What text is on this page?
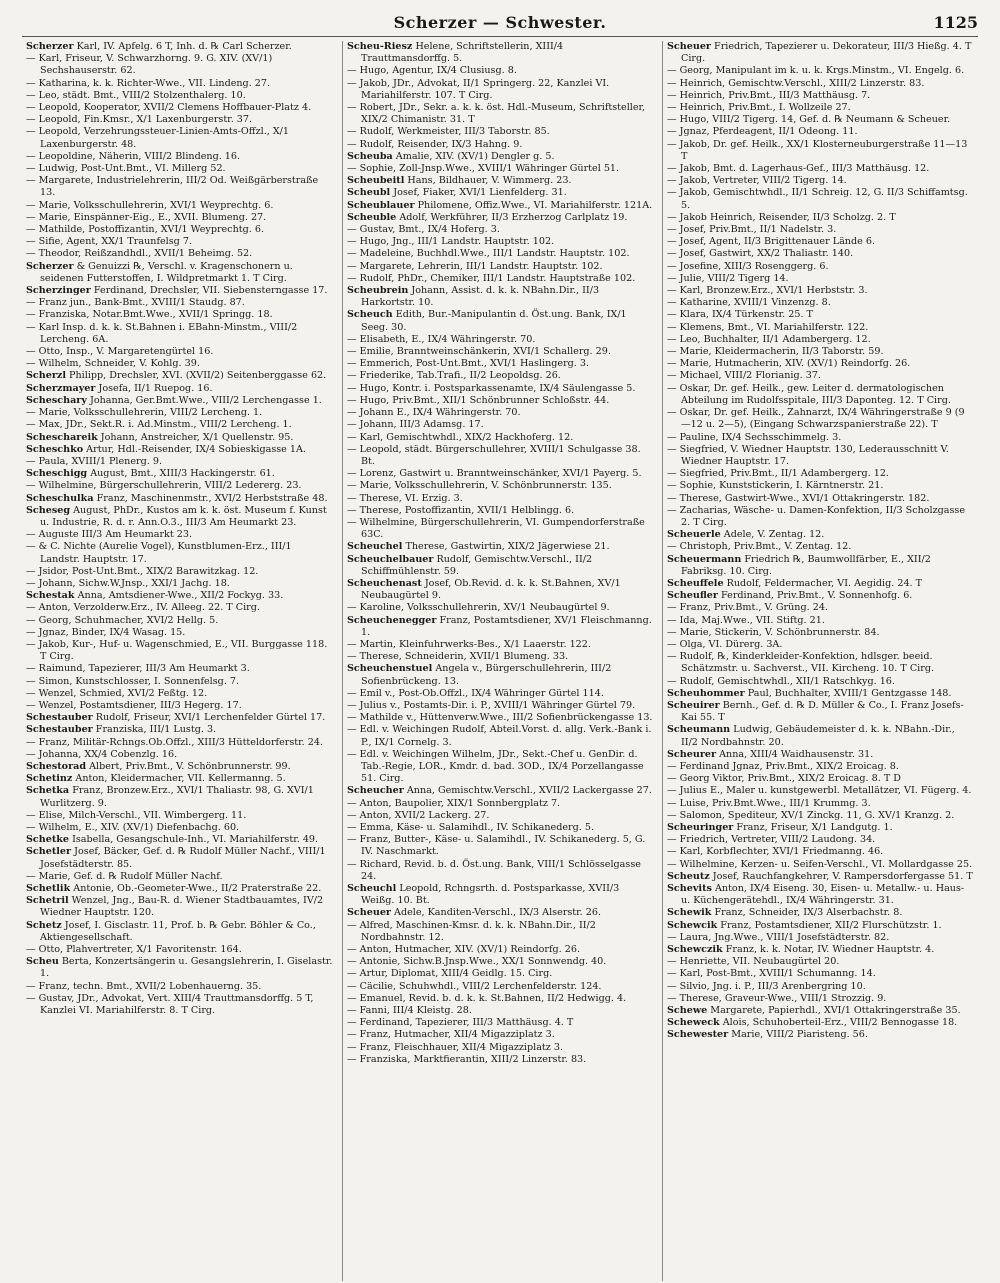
Scherzer — Schwester.	1125

Scherzer Karl, IV. Apfelg. 6 T, Inh. d. ℞ Carl Scherzer.

— Karl, Friseur, V. Schwarzhorng. 9. G. XIV. (XV/1) Sechshauserstr. 62.

— Katharina, k. k. Richter-Wwe., VII. Lindeng. 27.

— Leo, städt. Bmt., VIII/2 Stolzenthalerg. 10.

— Leopold, Kooperator, XVII/2 Clemens Hoffbauer-Platz 4.

— Leopold, Fin.Kmsr., X/1 Laxenburgerstr. 37.

— Leopold, Verzehrungssteuer-Linien-Amts-Offzl., X/1 Laxenburgerstr. 48.

— Leopoldine, Näherin, VIII/2 Blindeng. 16.

— Ludwig, Post-Unt.Bmt., VI. Millerg 52.

— Margarete, Industrielehrerin, III/2 Od. Weißgärberstraße 13.

— Marie, Volksschullehrerin, XVI/1 Weyprechtg. 6.

— Marie, Einspänner-Eig., E., XVII. Blumeng. 27.

— Mathilde, Postoffizantin, XVI/1 Weyprechtg. 6.

— Sifie, Agent, XX/1 Traunfelsg 7.

— Theodor, Reißzandhdl., XVII/1 Beheimg. 52.

Scherzer & Genuizzi ℞, Verschl. v. Kragenschonern u. seidenen Futterstoffen, I. Wildpretmarkt 1. T Cirg.

Scherzinger Ferdinand, Drechsler, VII. Siebensterngasse 17.

— Franz jun., Bank-Bmt., XVIII/1 Staudg. 87.

— Franziska, Notar.Bmt.Wwe., XVII/1 Springg. 18.

— Karl Insp. d. k. k. St.Bahnen i. EBahn-Minstm., VIII/2 Lercheng. 6A.

— Otto, Insp., V. Margaretengürtel 16.

— Wilhelm, Schneider, V. Kohlg. 39.

Scherzl Philipp, Drechsler, XVI. (XVII/2) Seitenberggasse 62.

Scherzmayer Josefa, II/1 Ruepog. 16.

Scheschary Johanna, Ger.Bmt.Wwe., VIII/2 Lerchengasse 1.

— Marie, Volksschullehrerin, VIII/2 Lercheng. 1.

— Max, JDr., Sekt.R. i. Ad.Minstm., VIII/2 Lercheng. 1.

Scheschareik Johann, Anstreicher, X/1 Quellenstr. 95.

Scheschko Artur, Hdl.-Reisender, IX/4 Sobieskigasse 1A.

— Paula, XVIII/1 Plenerg. 9.

Scheschigg August, Bmt., XIII/3 Hackingerstr. 61.

— Wilhelmine, Bürgerschullehrerin, VIII/2 Ledererg. 23.

Scheschulka Franz, Maschinenmstr., XVI/2 Herbststraße 48.

Scheseg August, PhDr., Kustos am k. k. öst. Museum f. Kunst u. Industrie, R. d. r. Ann.O.3., III/3 Am Heumarkt 23.

— Auguste III/3 Am Heumarkt 23.

— & C. Nichte (Aurelie Vogel), Kunstblumen-Erz., III/1 Landstr. Hauptstr. 17.

— Jsidor, Post-Unt.Bmt., XIX/2 Barawitzkag. 12.

— Johann, Sichw.W.Jnsp., XXI/1 Jachg. 18.

Schestak Anna, Amtsdiener-Wwe., XII/2 Fockyg. 33.

— Anton, Verzolderw.Erz., IV. Alleeg. 22. T Cirg.

— Georg, Schuhmacher, XVI/2 Hellg. 5.

— Jgnaz, Binder, IX/4 Wasag. 15.

— Jakob, Kur-, Huf- u. Wagenschmied, E., VII. Burggasse 118. T Cirg.

— Raimund, Tapezierer, III/3 Am Heumarkt 3.

— Simon, Kunstschlosser, I. Sonnenfelsg. 7.

— Wenzel, Schmied, XVI/2 Feßtg. 12.

— Wenzel, Postamtsdiener, III/3 Hegerg. 17.

Schestauber Rudolf, Friseur, XVI/1 Lerchenfelder Gürtel 17.

Schestauber Franziska, III/1 Lustg. 3.

— Franz, Militär-Rchngs.Ob.Offzl., XIII/3 Hütteldorferstr. 24.

— Johanna, XX/4 Cobenzlg. 16.

Schestorad Albert, Priv.Bmt., V. Schönbrunnerstr. 99.

Schetinz Anton, Kleidermacher, VII. Kellermanng. 5.

Schetka Franz, Bronzew.Erz., XVI/1 Thaliastr. 98, G. XVI/1 Wurlitzerg. 9.

— Elise, Milch-Verschl., VII. Wimbergerg. 11.

— Wilhelm, E., XIV. (XV/1) Diefenbachg. 60.

Schetke Isabella, Gesangschule-Inh., VI. Mariahilferstr. 49.

Schetler Josef, Bäcker, Gef. d. ℞ Rudolf Müller Nachf., VIII/1 Josefstädterstr. 85.

— Marie, Gef. d. ℞ Rudolf Müller Nachf.

Schetlik Antonie, Ob.-Geometer-Wwe., II/2 Praterstraße 22.

Schetril Wenzel, Jng., Bau-R. d. Wiener Stadtbauamtes, IV/2 Wiedner Hauptstr. 120.

Schetz Josef, I. Gisclastr. 11, Prof. b. ℞ Gebr. Böhler & Co., Aktiengesellschaft.

— Otto, Plahvertreter, X/1 Favoritenstr. 164.

Scheu Berta, Konzertsängerin u. Gesangslehrerin, I. Giselastr. 1.

— Franz, techn. Bmt., XVII/2 Lobenhauerng. 35.

— Gustav, JDr., Advokat, Vert. XIII/4 Trauttmansdorffg. 5 T, Kanzlei VI. Mariahilferstr. 8. T Cirg.

Scheu-Riesz Helene, Schriftstellerin, XIII/4 Trauttmansdorffg. 5.

— Hugo, Agentur, IX/4 Clusiusg. 8.

— Jakob, JDr., Advokat, II/1 Springerg. 22, Kanzlei VI. Mariahilferstr. 107. T Cirg.

— Robert, JDr., Sekr. a. k. k. öst. Hdl.-Museum, Schriftsteller, XIX/2 Chimanistr. 31. T

— Rudolf, Werkmeister, III/3 Taborstr. 85.

— Rudolf, Reisender, IX/3 Hahng. 9.

Scheuba Amalie, XIV. (XV/1) Dengler g. 5.

— Sophie, Zoll-Jnsp.Wwe., XVIII/1 Währinger Gürtel 51.

Scheubeitl Hans, Bildhauer, V. Wimmerg. 23.

Scheubl Josef, Fiaker, XVI/1 Lienfelderg. 31.

Scheublauer Philomene, Offiz.Wwe., VI. Mariahilferstr. 121A.

Scheuble Adolf, Werkführer, II/3 Erzherzog Carlplatz 19.

— Gustav, Bmt., IX/4 Hoferg. 3.

— Hugo, Jng., III/1 Landstr. Hauptstr. 102.

— Madeleine, Buchhdl.Wwe., III/1 Landstr. Hauptstr. 102.

— Margarete, Lehrerin, III/1 Landstr. Hauptstr. 102.

— Rudolf, PhDr., Chemiker, III/1 Landstr. Hauptstraße 102.

Scheubrein Johann, Assist. d. k. k. NBahn.Dir., II/3 Harkortstr. 10.

Scheuch Edith, Bur.-Manipulantin d. Öst.ung. Bank, IX/1 Seeg. 30.

— Elisabeth, E., IX/4 Währingerstr. 70.

— Emilie, Branntweinschänkerin, XVI/1 Schallerg. 29.

— Emmerich, Post-Unt.Bmt., XVI/1 Haslingerg. 3.

— Friederike, Tab.Trafi., II/2 Leopoldsg. 26.

— Hugo, Kontr. i. Postsparkassenamte, IX/4 Säulengasse 5.

— Hugo, Priv.Bmt., XII/1 Schönbrunner Schloßstr. 44.

— Johann E., IX/4 Währingerstr. 70.

— Johann, III/3 Adamsg. 17.

— Karl, Gemischtwhdl., XIX/2 Hackhoferg. 12.

— Leopold, städt. Bürgerschullehrer, XVIII/1 Schulgasse 38. Bt.

— Lorenz, Gastwirt u. Branntweinschänker, XVI/1 Payerg. 5.

— Marie, Volksschullehrerin, V. Schönbrunnerstr. 135.

— Therese, VI. Erzig. 3.

— Therese, Postoffizantin, XVII/1 Helblingg. 6.

— Wilhelmine, Bürgerschullehrerin, VI. Gumpendorferstraße 63C.

Scheuchel Therese, Gastwirtin, XIX/2 Jägerwiese 21.

Scheuchelbauer Rudolf, Gemischtw.Verschl., II/2 Schiffmühlenstr. 59.

Scheuchenast Josef, Ob.Revid. d. k. k. St.Bahnen, XV/1 Neubaugürtel 9.

— Karoline, Volksschullehrerin, XV/1 Neubaugürtel 9.

Scheuchenegger Franz, Postamtsdiener, XV/1 Fleischmanng. 1.

— Martin, Kleinfuhrwerks-Bes., X/1 Laaerstr. 122.

— Therese, Schneiderin, XVII/1 Blumeng. 33.

Scheuchenstuel Angela v., Bürgerschullehrerin, III/2 Sofienbrückeng. 13.

— Emil v., Post-Ob.Offzl., IX/4 Währinger Gürtel 114.

— Julius v., Postamts-Dir. i. P., XVIII/1 Währinger Gürtel 79.

— Mathilde v., Hüttenverw.Wwe., III/2 Sofienbrückengasse 13.

— Edl. v. Weichingen Rudolf, Abteil.Vorst. d. allg. Verk.-Bank i. P., IX/1 Cornelg. 3.

— Edl. v. Weichingen Wilhelm, JDr., Sekt.-Chef u. GenDir. d. Tab.-Regie, LOR., Kmdr. d. bad. 3OD., IX/4 Porzellangasse 51. Cirg.

Scheucher Anna, Gemischtw.Verschl., XVII/2 Lackergasse 27.

— Anton, Baupolier, XIX/1 Sonnbergplatz 7.

— Anton, XVII/2 Lackerg. 27.

— Emma, Käse- u. Salamihdl., IV. Schikanederg. 5.

— Franz, Butter-, Käse- u. Salamihdl., IV. Schikanederg. 5, G. IV. Naschmarkt.

— Richard, Revid. b. d. Öst.ung. Bank, VIII/1 Schlösselgasse 24.

Scheuchl Leopold, Rchngsrth. d. Postsparkasse, XVII/3 Weißg. 10. Bt.

Scheuer Adele, Kanditen-Verschl., IX/3 Alserstr. 26.

— Alfred, Maschinen-Kmsr. d. k. k. NBahn.Dir., II/2 Nordbahnstr. 12.

— Anton, Hutmacher, XIV. (XV/1) Reindorfg. 26.

— Antonie, Sichw.B.Jnsp.Wwe., XX/1 Sonnwendg. 40.

— Artur, Diplomat, XIII/4 Geidlg. 15. Cirg.

— Cäcilie, Schuhwhdl., VIII/2 Lerchenfelderstr. 124.

— Emanuel, Revid. b. d. k. k. St.Bahnen, II/2 Hedwigg. 4.

— Fanni, III/4 Kleistg. 28.

— Ferdinand, Tapezierer, III/3 Matthäusg. 4. T

— Franz, Hutmacher, XII/4 Migazziplatz 3.

— Franz, Fleischhauer, XII/4 Migazziplatz 3.

— Franziska, Marktfierantin, XIII/2 Linzerstr. 83.

Scheuer Friedrich, Tapezierer u. Dekorateur, III/3 Hießg. 4. T Cirg.

— Georg, Manipulant im k. u. k. Krgs.Minstm., VI. Engelg. 6.

— Heinrich, Gemischtw.Verschl., XIII/2 Linzerstr. 83.

— Heinrich, Priv.Bmt., III/3 Matthäusg. 7.

— Heinrich, Priv.Bmt., I. Wollzeile 27.

— Hugo, VIII/2 Tigerg. 14, Gef. d. ℞ Neumann & Scheuer.

— Jgnaz, Pferdeagent, II/1 Odeong. 11.

— Jakob, Dr. gef. Heilk., XX/1 Klosterneuburgerstraße 11—13 T

— Jakob, Bmt. d. Lagerhaus-Gef., III/3 Matthäusg. 12.

— Jakob, Vertreter, VIII/2 Tigerg. 14.

— Jakob, Gemischtwhdl., II/1 Schreig. 12, G. II/3 Schiffamtsg. 5.

— Jakob Heinrich, Reisender, II/3 Scholzg. 2. T

— Josef, Priv.Bmt., II/1 Nadelstr. 3.

— Josef, Agent, II/3 Brigittenauer Lände 6.

— Josef, Gastwirt, XX/2 Thaliastr. 140.

— Josefine, XIII/3 Rosenggerg. 6.

— Julie, VIII/2 Tigerg 14.

— Karl, Bronzew.Erz., XVI/1 Herbststr. 3.

— Katharine, XVIII/1 Vinzenzg. 8.

— Klara, IX/4 Türkenstr. 25. T

— Klemens, Bmt., VI. Mariahilferstr. 122.

— Leo, Buchhalter, II/1 Adambergerg. 12.

— Marie, Kleidermacherin, II/3 Taborstr. 59.

— Marie, Hutmacherin, XIV. (XV/1) Reindorfg. 26.

— Michael, VIII/2 Florianig. 37.

— Oskar, Dr. gef. Heilk., gew. Leiter d. dermatologischen Abteilung im Rudolfsspitale, III/3 Daponteg. 12. T Cirg.

— Oskar, Dr. gef. Heilk., Zahnarzt, IX/4 Währingerstraße 9 (9—12 u. 2—5), (Eingang Schwarzspanierstraße 22). T

— Pauline, IX/4 Sechsschimmelg. 3.

— Siegfried, V. Wiedner Hauptstr. 130, Lederausschnitt V. Wiedner Hauptstr. 17.

— Siegfried, Priv.Bmt., II/1 Adambergerg. 12.

— Sophie, Kunststickerin, I. Kärntnerstr. 21.

— Therese, Gastwirt-Wwe., XVI/1 Ottakringerstr. 182.

— Zacharias, Wäsche- u. Damen-Konfektion, II/3 Scholzgasse 2. T Cirg.

Scheuerle Adele, V. Zentag. 12.

— Christoph, Priv.Bmt., V. Zentag. 12.

Scheuermann Friedrich ℞, Baumwollfärber, E., XII/2 Fabriksg. 10. Cirg.

Scheuffele Rudolf, Feldermacher, VI. Aegidig. 24. T

Scheufler Ferdinand, Priv.Bmt., V. Sonnenhofg. 6.

— Franz, Priv.Bmt., V. Grüng. 24.

— Ida, Maj.Wwe., VII. Stiftg. 21.

— Marie, Stickerin, V. Schönbrunnerstr. 84.

— Olga, VI. Dürerg. 3A.

— Rudolf, ℞, Kinderkleider-Konfektion, hdlsger. beeid. Schätzmstr. u. Sachverst., VII. Kircheng. 10. T Cirg.

— Rudolf, Gemischtwhdl., XII/1 Ratschkyg. 16.

Scheuhommer Paul, Buchhalter, XVIII/1 Gentzgasse 148.

Scheuirer Bernh., Gef. d. ℞ D. Müller & Co., I. Franz Josefs-Kai 55. T

Scheumann Ludwig, Gebäudemeister d. k. k. NBahn.-Dir., II/2 Nordbahnstr. 20.

Scheurer Anna, XIII/4 Waidhausenstr. 31.

— Ferdinand Jgnaz, Priv.Bmt., XIX/2 Eroicag. 8.

— Georg Viktor, Priv.Bmt., XIX/2 Eroicag. 8. T D

— Julius E., Maler u. kunstgewerbl. Metallätzer, VI. Fügerg. 4.

— Luise, Priv.Bmt.Wwe., III/1 Krummg. 3.

— Salomon, Spediteur, XV/1 Zinckg. 11, G. XV/1 Kranzg. 2.

Scheuringer Franz, Friseur, X/1 Landgutg. 1.

— Friedrich, Vertreter, VIII/2 Laudong. 34.

— Karl, Korbflechter, XVI/1 Friedmanng. 46.

— Wilhelmine, Kerzen- u. Seifen-Verschl., VI. Mollardgasse 25.

Scheutz Josef, Rauchfangkehrer, V. Rampersdorfergasse 51. T

Schevits Anton, IX/4 Eiseng. 30, Eisen- u. Metallw.- u. Haus- u. Küchengerätehdl., IX/4 Währingerstr. 31.

Schewik Franz, Schneider, IX/3 Alserbachstr. 8.

Schewcik Franz, Postamtsdiener, XII/2 Flurschützstr. 1.

— Laura, Jng.Wwe., VIII/1 Josefstädterstr. 82.

Schewczik Franz, k. k. Notar, IV. Wiedner Hauptstr. 4.

— Henriette, VII. Neubaugürtel 20.

— Karl, Post-Bmt., XVIII/1 Schumanng. 14.

— Silvio, Jng. i. P., III/3 Arenbergring 10.

— Therese, Graveur-Wwe., VIII/1 Strozzig. 9.

Schewe Margarete, Papierhdl., XVI/1 Ottakringerstraße 35.

Scheweck Alois, Schuhoberteil-Erz., VIII/2 Bennogasse 18.

Schewester Marie, VIII/2 Piaristeng. 56.
